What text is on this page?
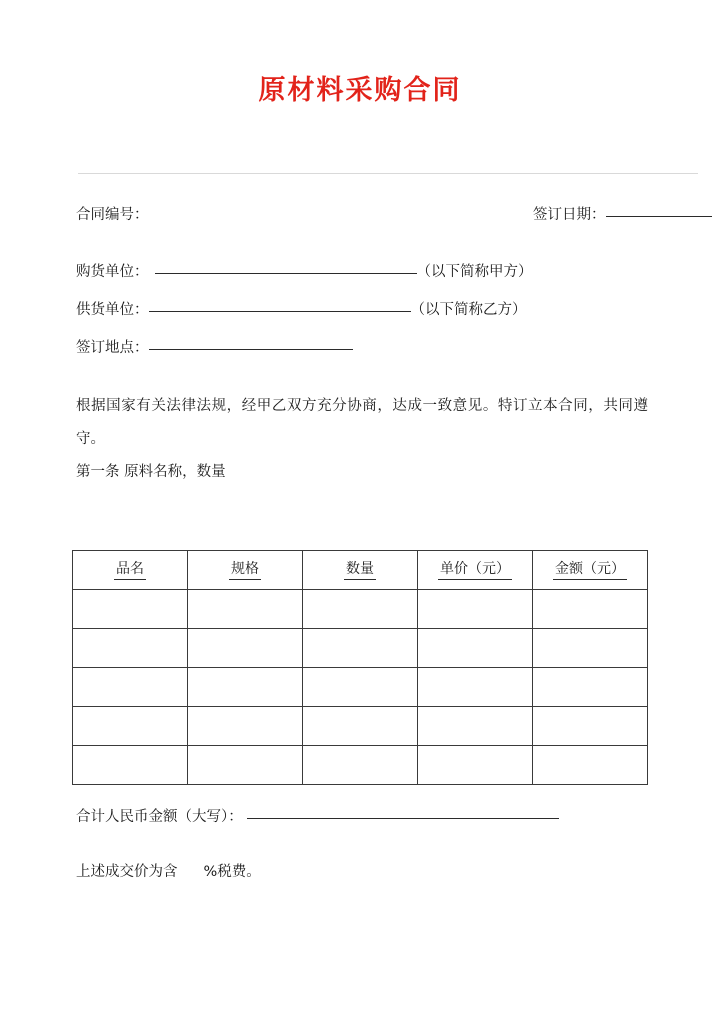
原材料采购合同
合同编号：	签订日期：
购货单位：	（以下简称甲方）
供货单位：	（以下简称乙方）
签订地点：
根据国家有关法律法规，经甲乙双方充分协商，达成一致意见。特订立本合同，共同遵守。
第一条 原料名称，数量
品名	规格	数量	单价（元）	金额（元）

合计人民币金额（大写）：
上述成交价为含 %税费。
